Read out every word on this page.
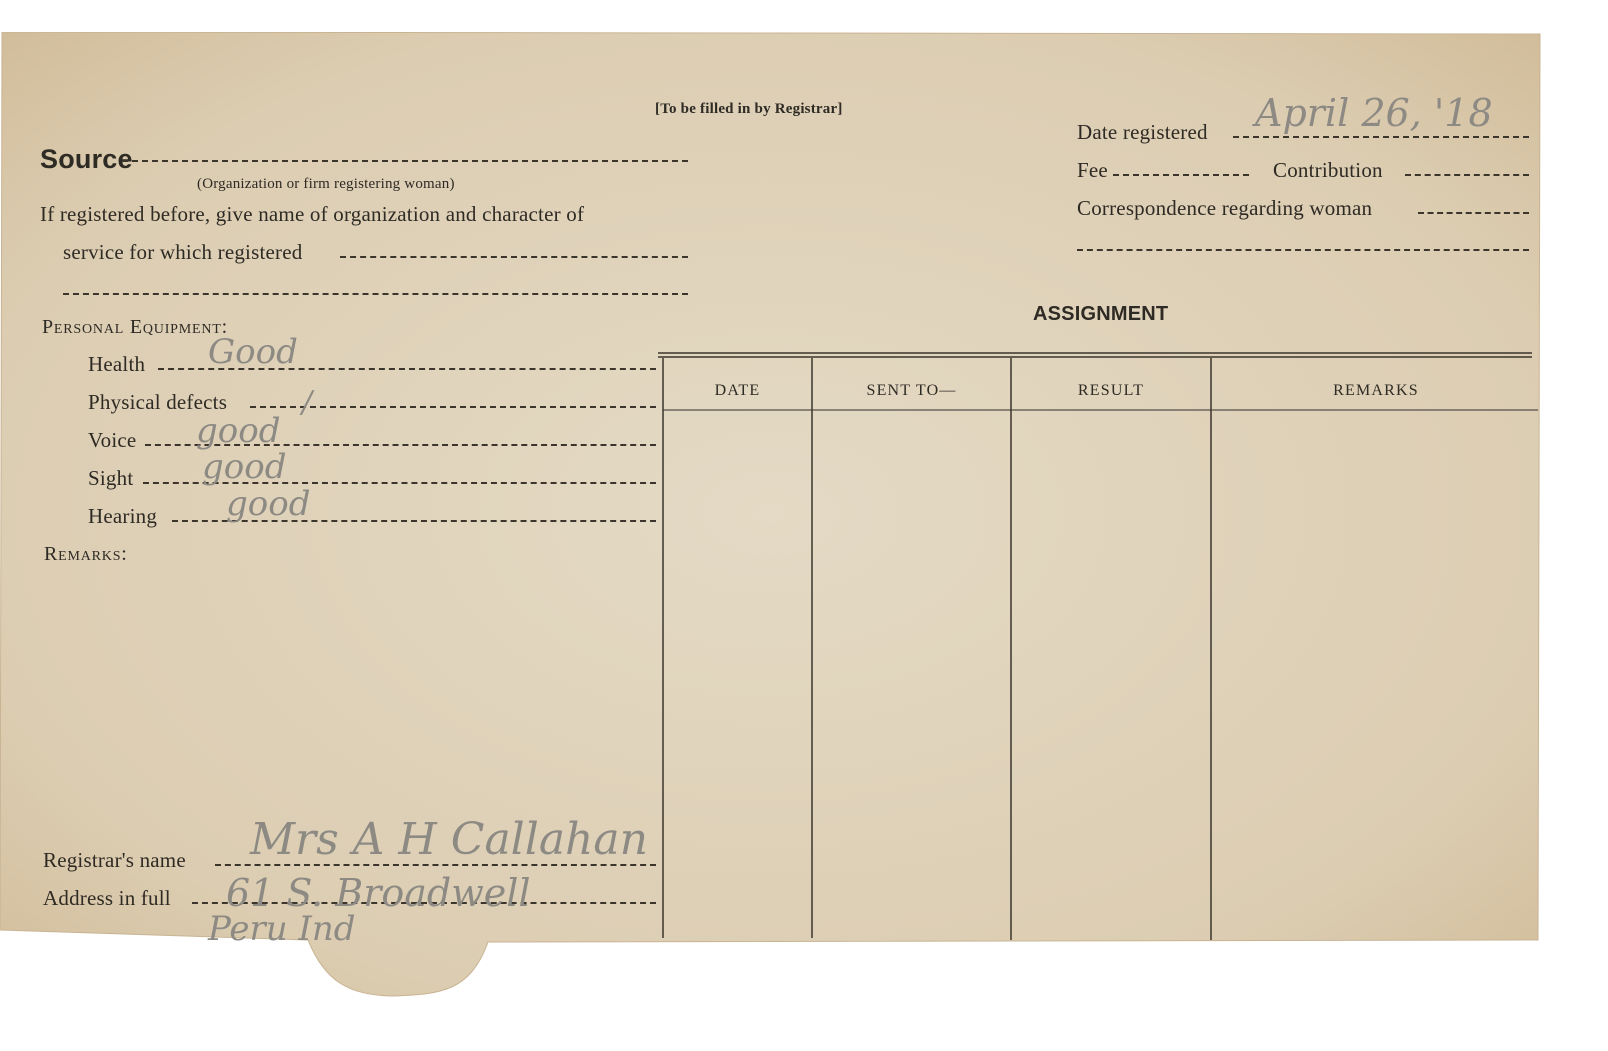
[To be filled in by Registrar]
Source
(Organization or firm registering woman)
If registered before, give name of organization and character of
service for which registered
Date registered April 26, '18
Fee	Contribution
Correspondence regarding woman
Personal Equipment:
Health Good
Physical defects /
Voice good
Sight good
Hearing good
Remarks:
ASSIGNMENT
DATE	SENT TO—	RESULT	REMARKS
Registrar's name Mrs A H Callahan
Address in full 61 S. Broadwell
Peru Ind
